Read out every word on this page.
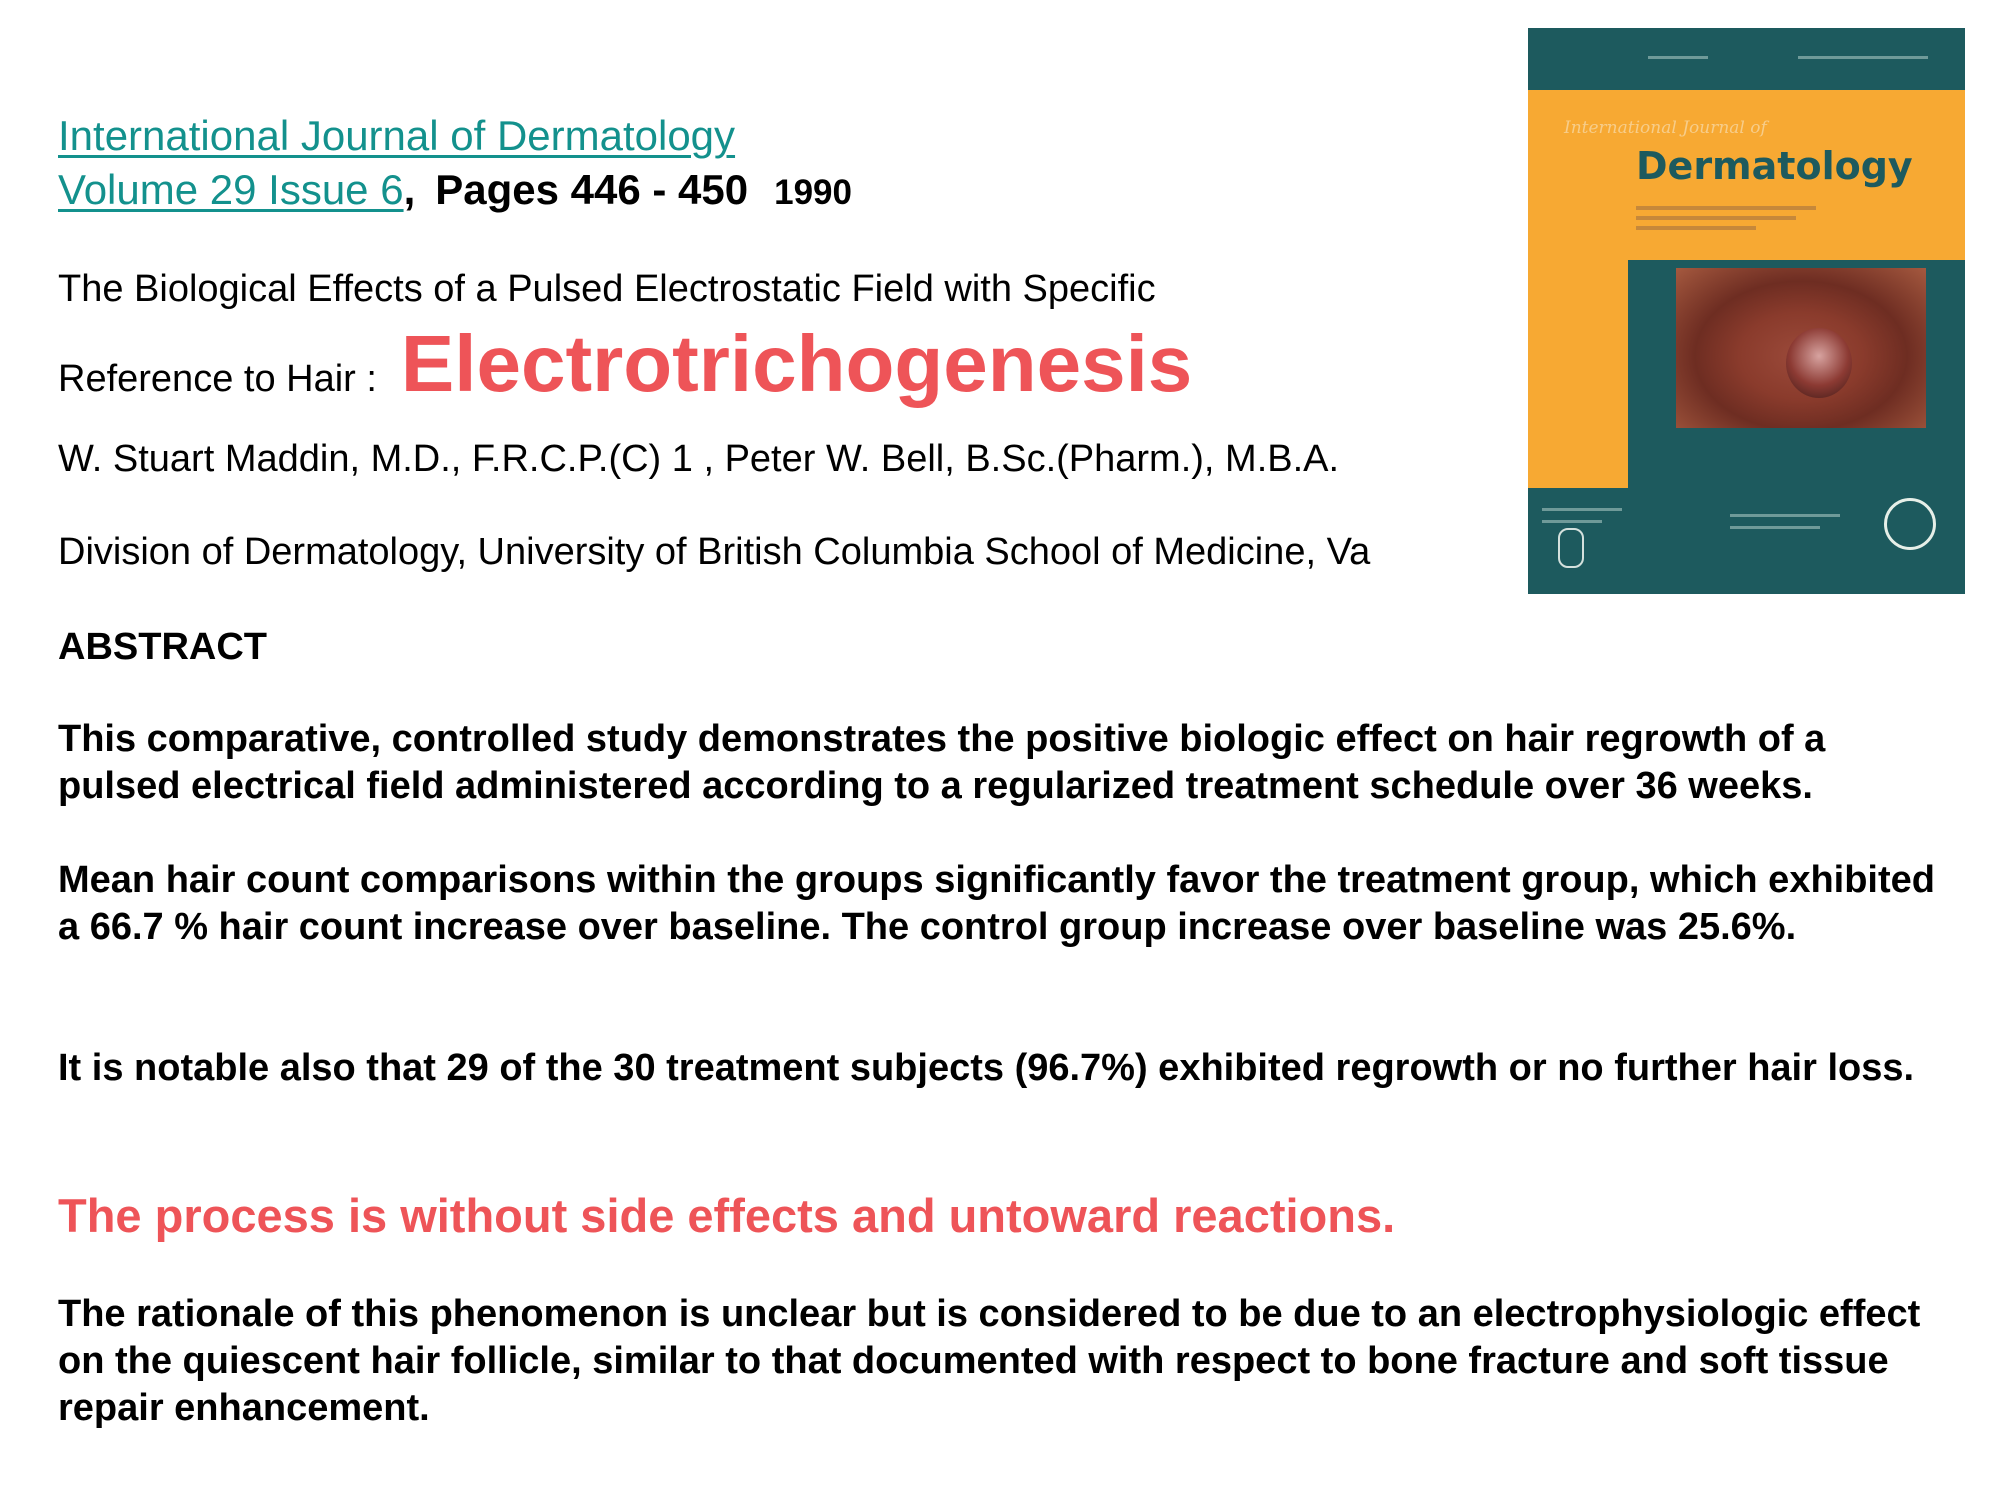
International Journal of Dermatology
Volume 29 Issue 6, Pages 446 - 450 1990
The Biological Effects of a Pulsed Electrostatic Field with Specific
Reference to Hair : Electrotrichogenesis
W. Stuart Maddin, M.D., F.R.C.P.(C) 1 , Peter W. Bell, B.Sc.(Pharm.), M.B.A.
Division of Dermatology, University of British Columbia School of Medicine, Va
International Journal of
Dermatology
ABSTRACT
This comparative, controlled study demonstrates the positive biologic effect on hair regrowth of a pulsed electrical field administered according to a regularized treatment schedule over 36 weeks.
Mean hair count comparisons within the groups significantly favor the treatment group, which exhibited a 66.7 % hair count increase over baseline. The control group increase over baseline was 25.6%.
It is notable also that 29 of the 30 treatment subjects (96.7%) exhibited regrowth or no further hair loss.
The process is without side effects and untoward reactions.
The rationale of this phenomenon is unclear but is considered to be due to an electrophysiologic effect on the quiescent hair follicle, similar to that documented with respect to bone fracture and soft tissue repair enhancement.
